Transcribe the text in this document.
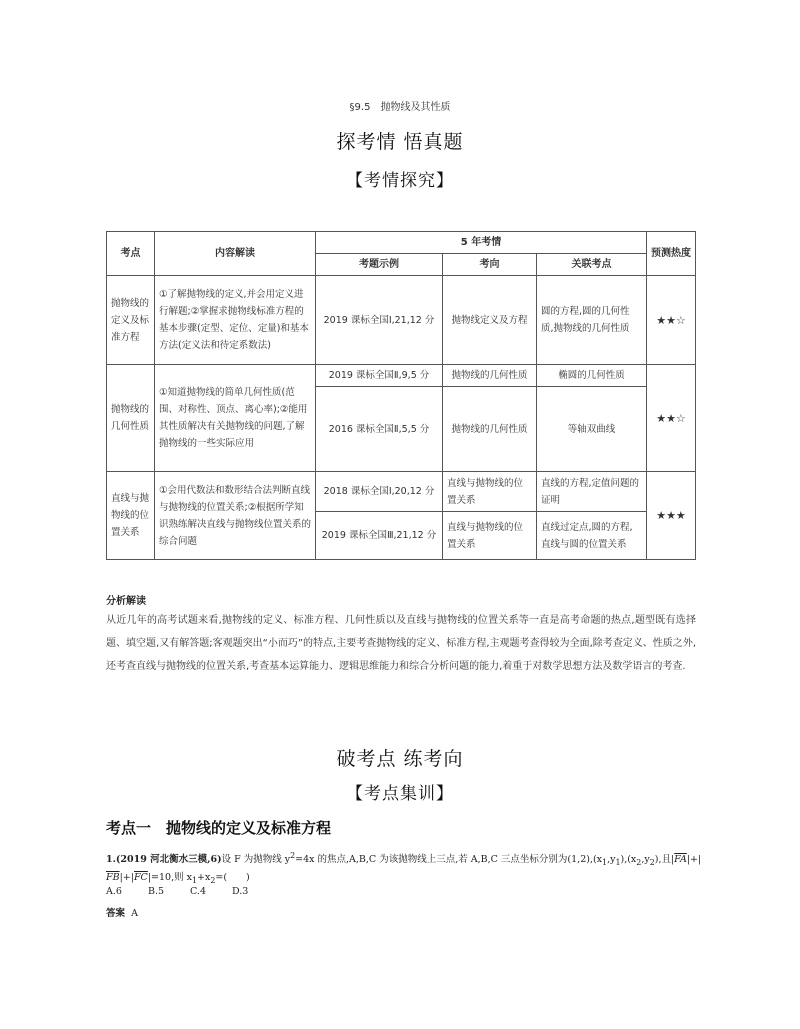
§9.5　抛物线及其性质
探考情 悟真题
【考情探究】
考点	内容解读	5 年考情			预测热度
		考题示例	考向	关联考点	
抛物线的定义及标准方程	①了解抛物线的定义,并会用定义进行解题;②掌握求抛物线标准方程的基本步骤(定型、定位、定量)和基本方法(定义法和待定系数法)	2019 课标全国Ⅰ,21,12 分	抛物线定义及方程	圆的方程,圆的几何性质,抛物线的几何性质	★★☆
抛物线的几何性质	①知道抛物线的简单几何性质(范围、对称性、顶点、离心率);②能用其性质解决有关抛物线的问题,了解抛物线的一些实际应用	2019 课标全国Ⅱ,9,5 分	抛物线的几何性质	椭圆的几何性质	★★☆
		2016 课标全国Ⅱ,5,5 分	抛物线的几何性质	等轴双曲线	
直线与抛物线的位置关系	①会用代数法和数形结合法判断直线与抛物线的位置关系;②根据所学知识熟练解决直线与抛物线位置关系的综合问题	2018 课标全国Ⅰ,20,12 分	直线与抛物线的位置关系	直线的方程,定值问题的证明	★★★
		2019 课标全国Ⅲ,21,12 分	直线与抛物线的位置关系	直线过定点,圆的方程,直线与圆的位置关系	
分析解读
从近几年的高考试题来看,抛物线的定义、标准方程、几何性质以及直线与抛物线的位置关系等一直是高考命题的热点,题型既有选择题、填空题,又有解答题;客观题突出“小而巧”的特点,主要考查抛物线的定义、标准方程,主观题考查得较为全面,除考查定义、性质之外,还考查直线与抛物线的位置关系,考查基本运算能力、逻辑思维能力和综合分析问题的能力,着重于对数学思想方法及数学语言的考查.
破考点 练考向
【考点集训】
考点一　抛物线的定义及标准方程
1.(2019 河北衡水三模,6)设 F 为抛物线 $y^2=4x$ 的焦点,A,B,C 为该抛物线上三点,若 A,B,C 三点坐标分别为$(1,2),(x_1,y_1),(x_2,y_2)$,且$|\overline{FA}|+|$
$\overline{FB}|+|\overline{FC}|=10$,则 $x_1+x_2=$(　　)
A.6	B.5	C.4	D.3
答案 A
